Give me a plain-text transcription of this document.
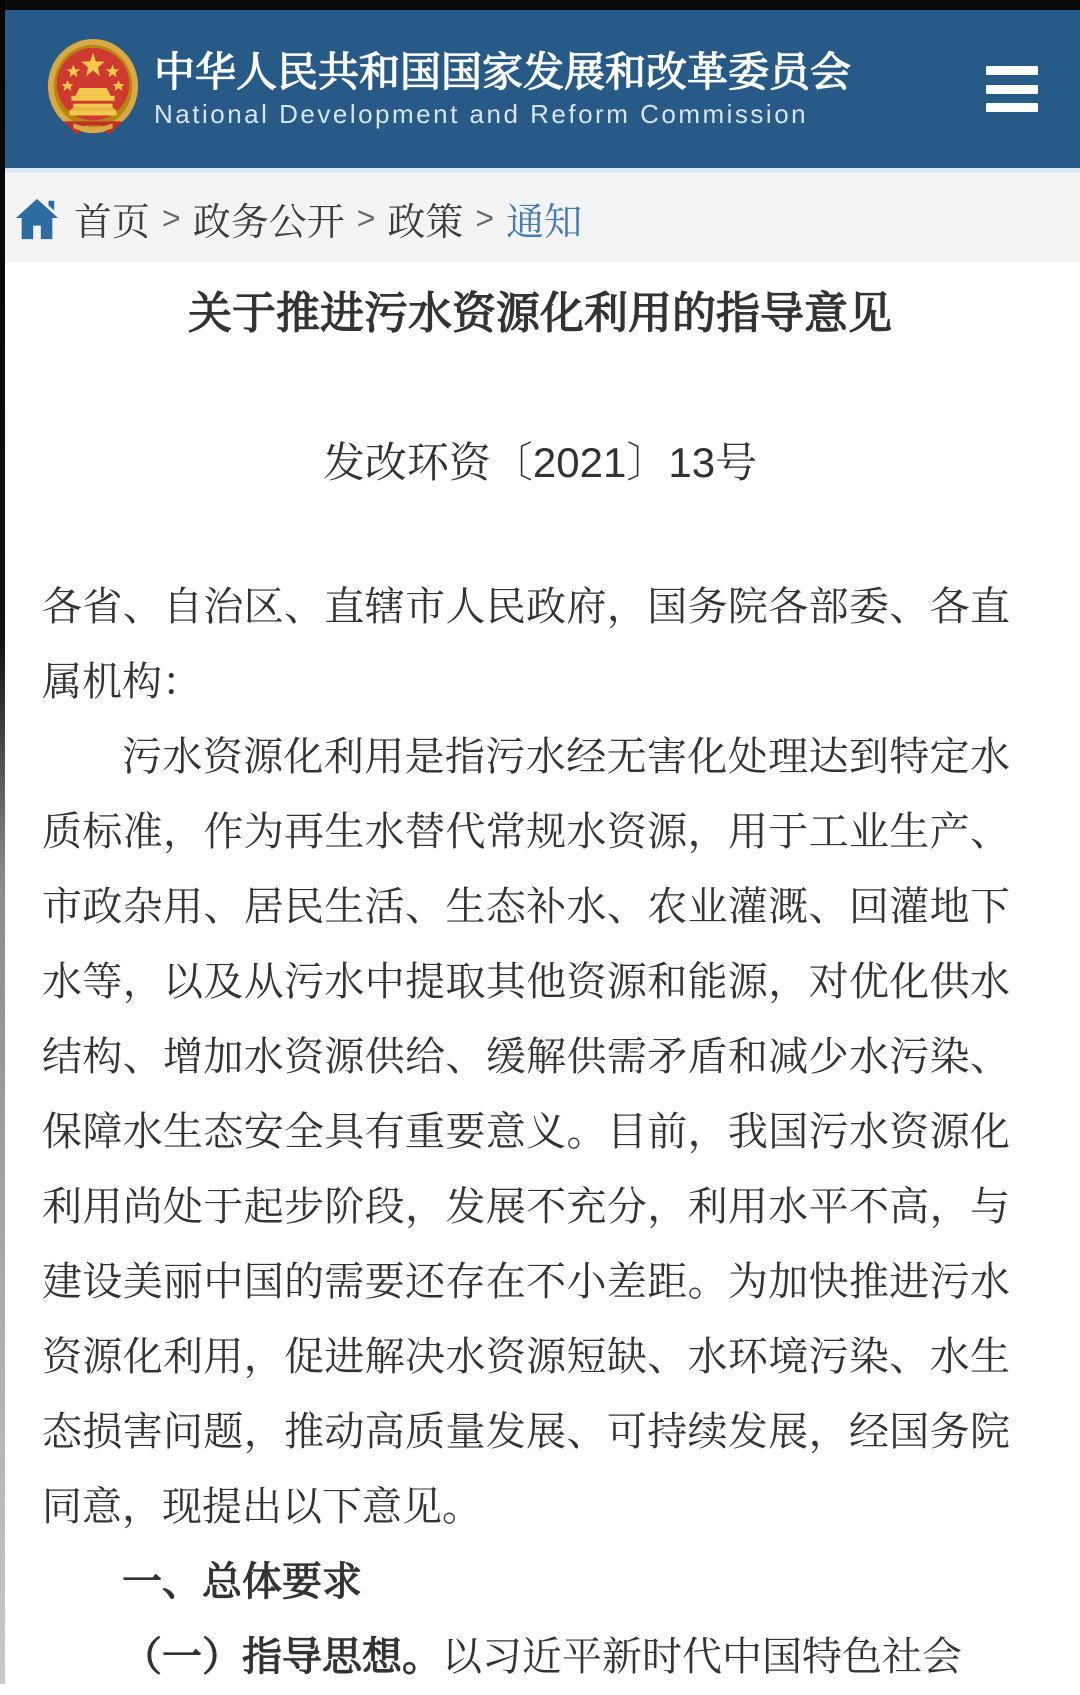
中华人民共和国国家发展和改革委员会
National Development and Reform Commission
首页 > 政务公开 > 政策 > 通知
关于推进污水资源化利用的指导意见
发改环资〔2021〕13号

各省、自治区、直辖市人民政府，国务院各部委、各直属机构：

污水资源化利用是指污水经无害化处理达到特定水质标准，作为再生水替代常规水资源，用于工业生产、市政杂用、居民生活、生态补水、农业灌溉、回灌地下水等，以及从污水中提取其他资源和能源，对优化供水结构、增加水资源供给、缓解供需矛盾和减少水污染、保障水生态安全具有重要意义。目前，我国污水资源化利用尚处于起步阶段，发展不充分，利用水平不高，与建设美丽中国的需要还存在不小差距。为加快推进污水资源化利用，促进解决水资源短缺、水环境污染、水生态损害问题，推动高质量发展、可持续发展，经国务院同意，现提出以下意见。

一、总体要求

（一）指导思想。以习近平新时代中国特色社会
